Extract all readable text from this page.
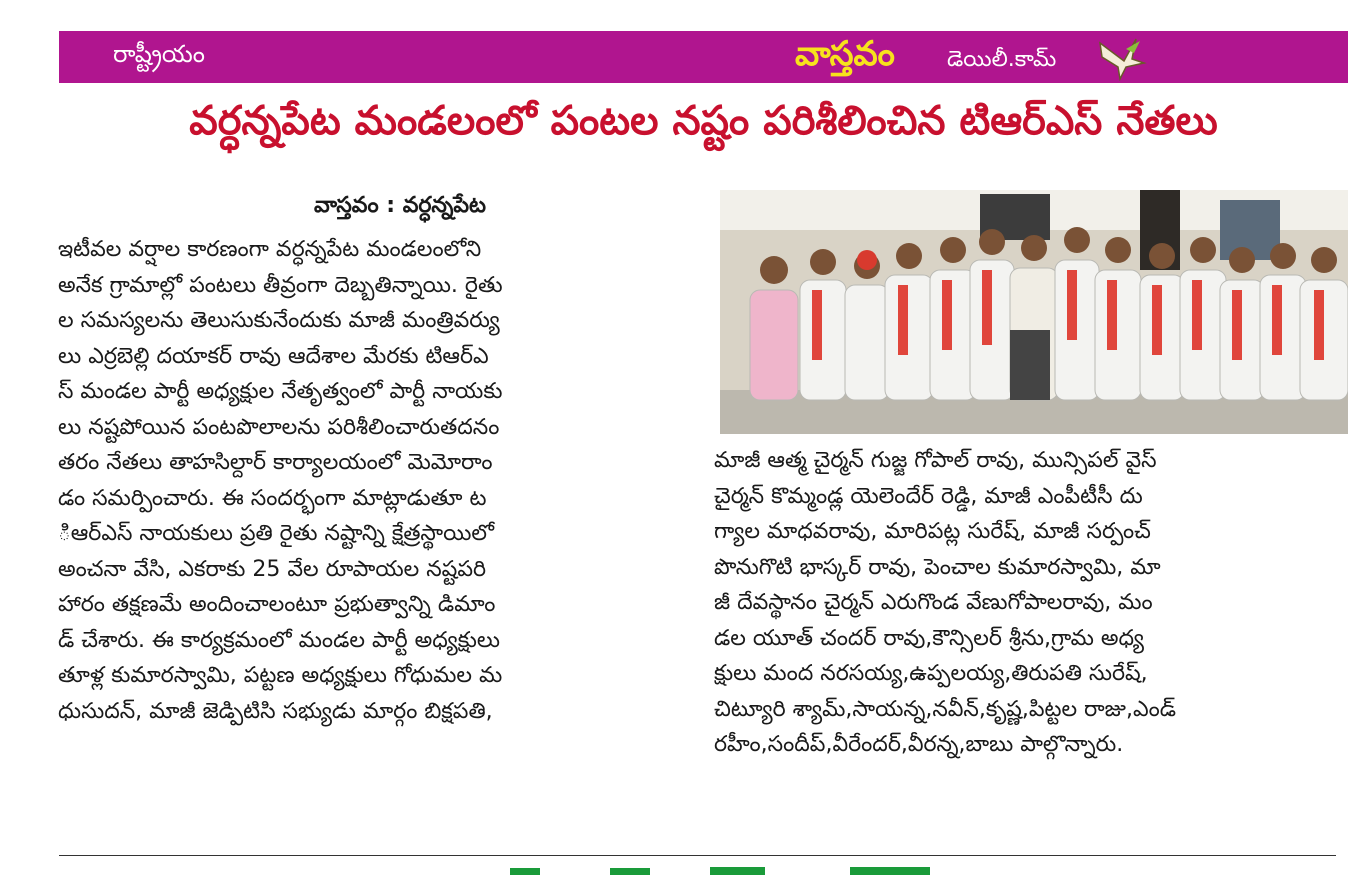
రాష్ట్రీయం	వాస్తవం డెయిలీ.కామ్
వర్ధన్నపేట మండలంలో పంటల నష్టం పరిశీలించిన టిఆర్ఎస్ నేతలు
వాస్తవం : వర్ధన్నపేట
ఇటీవల వర్షాల కారణంగా వర్ధన్నపేట మండలంలోని
అనేక గ్రామాల్లో పంటలు తీవ్రంగా దెబ్బతిన్నాయి. రైతు
ల సమస్యలను తెలుసుకునేందుకు మాజీ మంత్రివర్యు
లు ఎర్రబెల్లి దయాకర్ రావు ఆదేశాల మేరకు టిఆర్ఎ
స్ మండల పార్టీ అధ్యక్షుల నేతృత్వంలో పార్టీ నాయకు
లు నష్టపోయిన పంటపొలాలను పరిశీలించారుతదనం
తరం నేతలు తాహసిల్దార్ కార్యాలయంలో మెమోరాం
డం సమర్పించారు. ఈ సందర్భంగా మాట్లాడుతూ ట
ిఆర్ఎస్ నాయకులు ప్రతి రైతు నష్టాన్ని క్షేత్రస్థాయిలో
అంచనా వేసి, ఎకరాకు 25 వేల రూపాయల నష్టపరి
హారం తక్షణమే అందించాలంటూ ప్రభుత్వాన్ని డిమాం
డ్ చేశారు. ఈ కార్యక్రమంలో మండల పార్టీ అధ్యక్షులు
తూళ్ల కుమారస్వామి, పట్టణ అధ్యక్షులు గోధుమల మ
ధుసుదన్, మాజీ జెడ్పిటిసి సభ్యుడు మార్గం బిక్షపతి,
మాజీ ఆత్మ చైర్మన్ గుజ్జ గోపాల్ రావు, మున్సిపల్ వైస్
చైర్మన్ కొమ్మండ్ల యెలెందేర్ రెడ్డి, మాజీ ఎంపీటీసీ దు
గ్యాల మాధవరావు, మారిపట్ల సురేష్, మాజీ సర్పంచ్
పొనుగొటి భాస్కర్ రావు, పెంచాల కుమారస్వామి, మా
జీ దేవస్థానం చైర్మన్ ఎరుగొండ వేణుగోపాలరావు, మం
డల యూత్ చందర్ రావు,కౌన్సిలర్ శ్రీను,గ్రామ అధ్య
క్షులు మంద నరసయ్య,ఉప్పలయ్య,తిరుపతి సురేష్,
చిట్యూరి శ్యామ్,సాయన్న,నవీన్,కృష్ణ,పిట్టల రాజు,ఎండ్
రహీం,సందీప్,వీరేందర్,వీరన్న,బాబు పాల్గొన్నారు.
